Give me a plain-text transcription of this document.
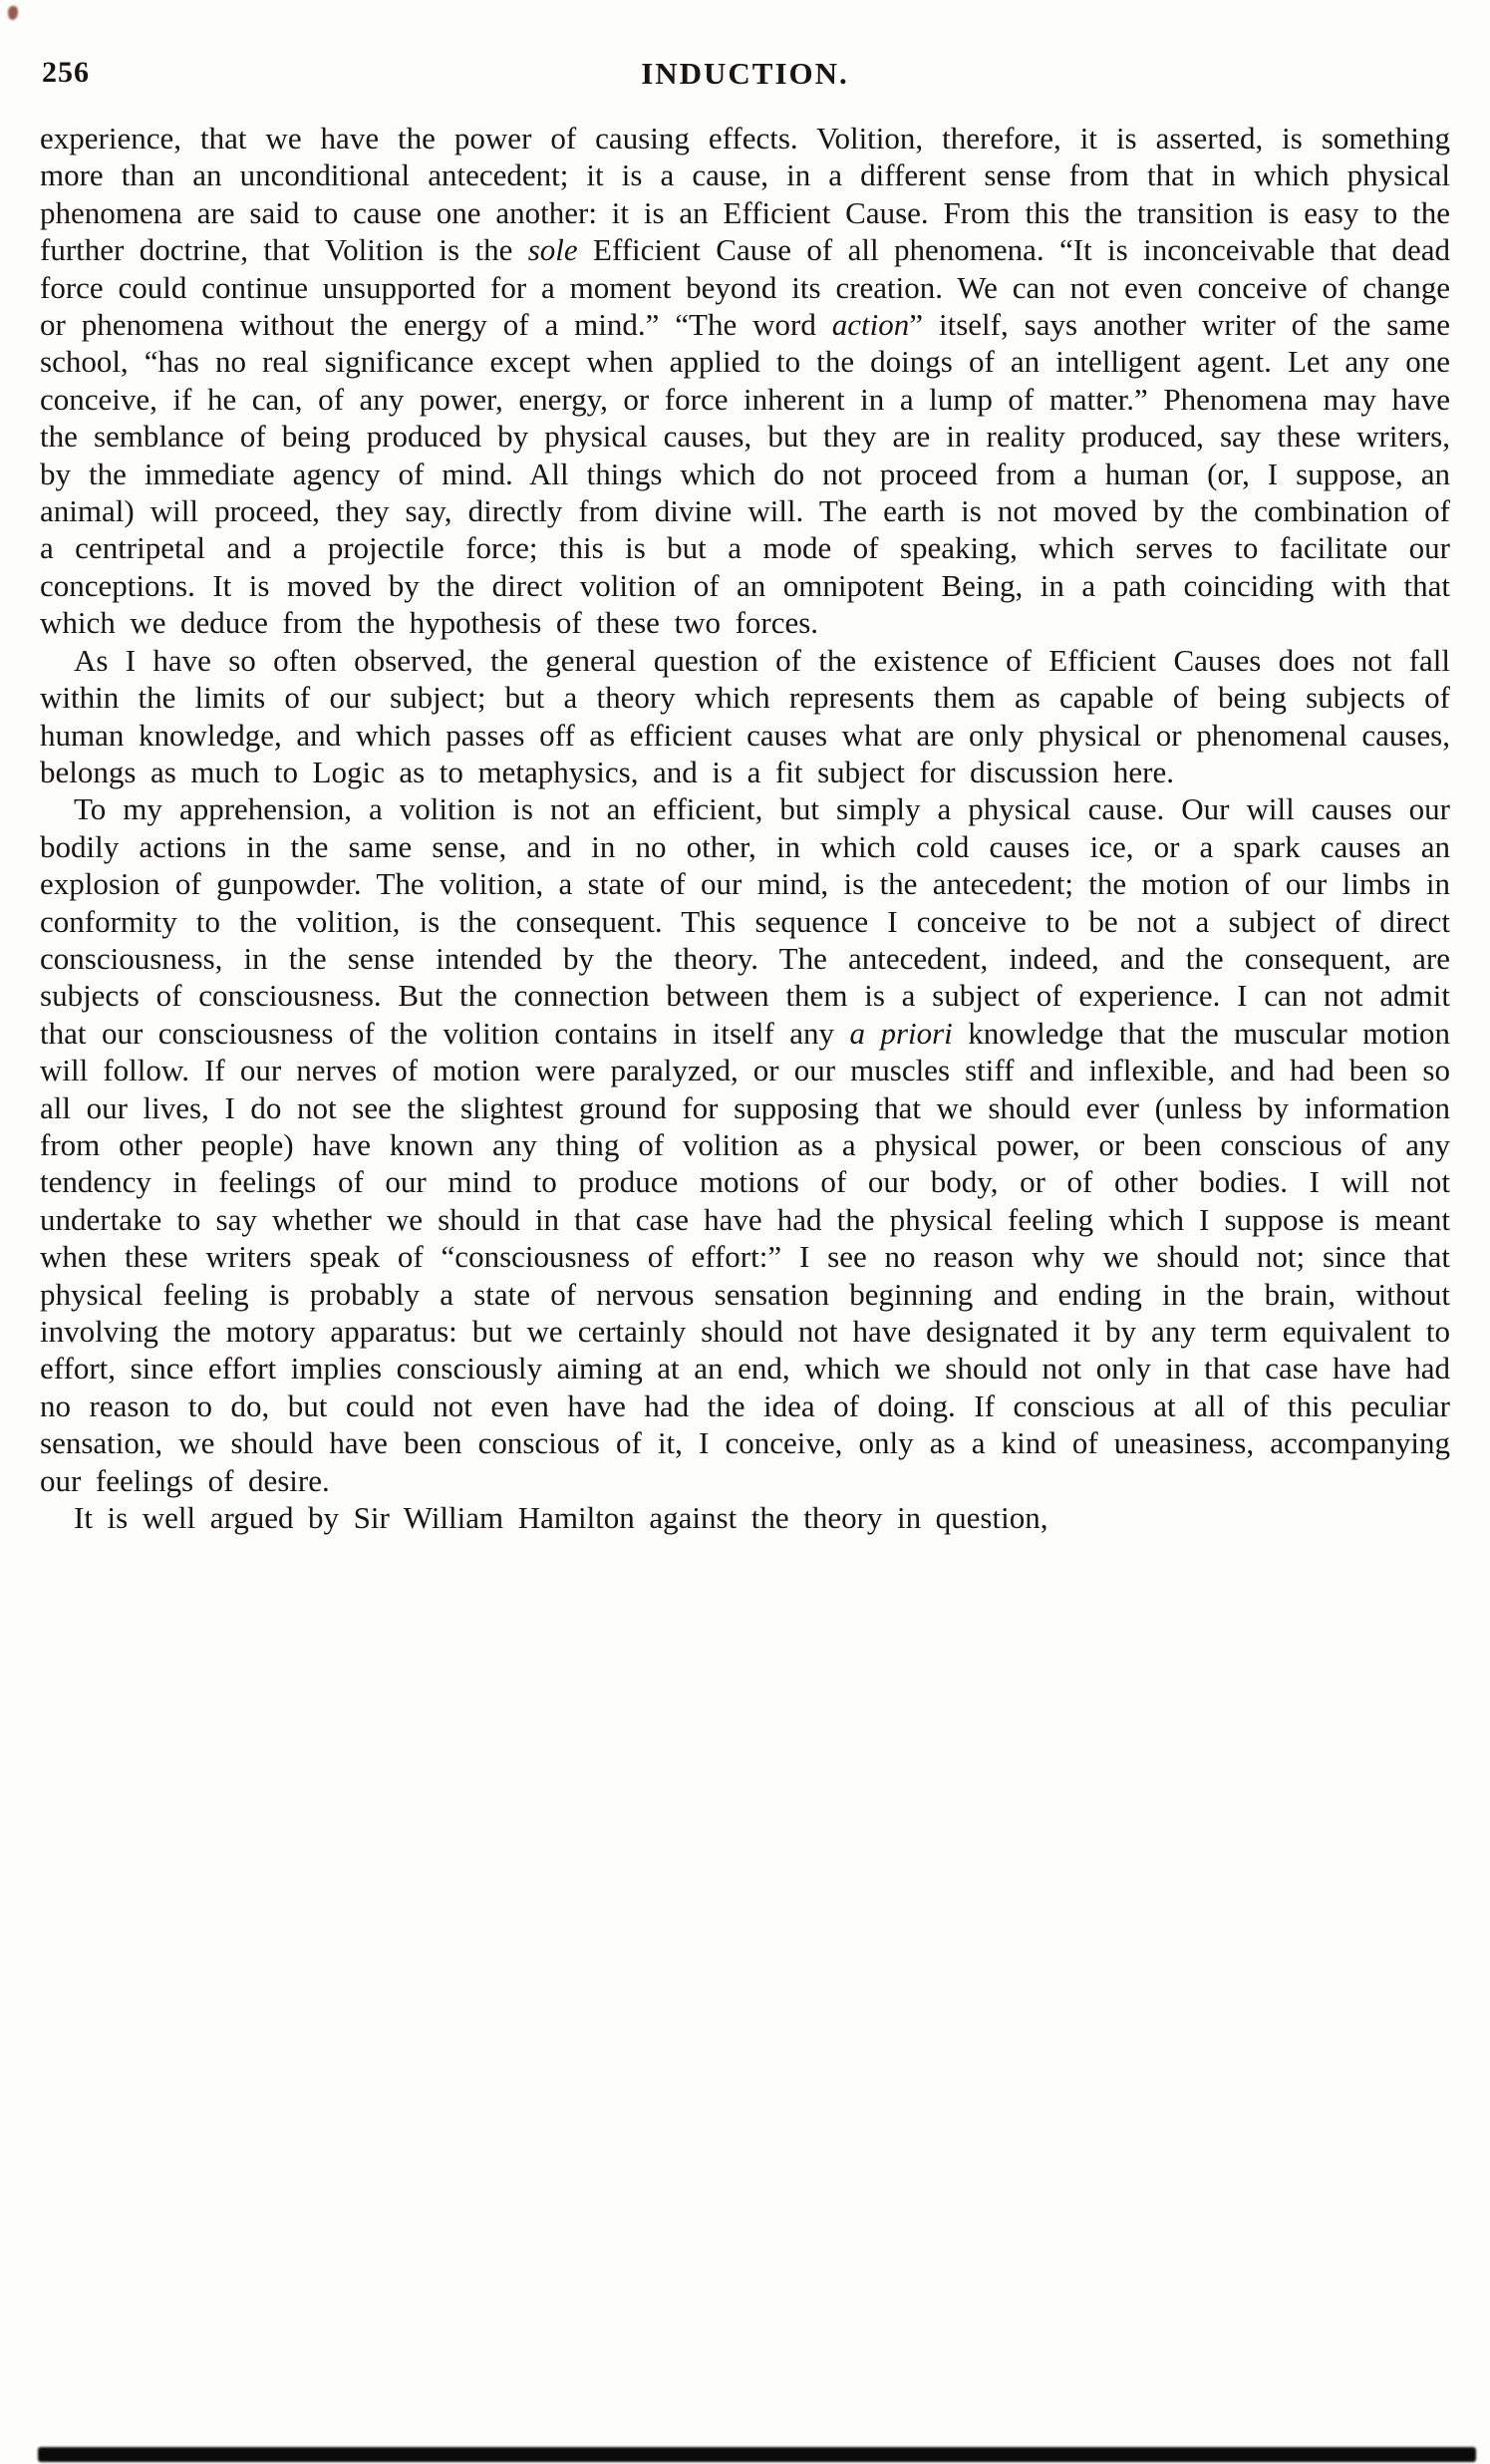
256	INDUCTION.

experience, that we have the power of causing effects. Volition, therefore, it is asserted, is something more than an unconditional antecedent; it is a cause, in a different sense from that in which physical phenomena are said to cause one another: it is an Efficient Cause. From this the transition is easy to the further doctrine, that Volition is the sole Efficient Cause of all phenomena. “It is inconceivable that dead force could continue unsupported for a moment beyond its creation. We can not even conceive of change or phenomena without the energy of a mind.” “The word action” itself, says another writer of the same school, “has no real significance except when applied to the doings of an intelligent agent. Let any one conceive, if he can, of any power, energy, or force inherent in a lump of matter.” Phenomena may have the semblance of being produced by physical causes, but they are in reality produced, say these writers, by the immediate agency of mind. All things which do not proceed from a human (or, I suppose, an animal) will proceed, they say, directly from divine will. The earth is not moved by the combination of a centripetal and a projectile force; this is but a mode of speaking, which serves to facilitate our conceptions. It is moved by the direct volition of an omnipotent Being, in a path coinciding with that which we deduce from the hypothesis of these two forces.

As I have so often observed, the general question of the existence of Efficient Causes does not fall within the limits of our subject; but a theory which represents them as capable of being subjects of human knowledge, and which passes off as efficient causes what are only physical or phenomenal causes, belongs as much to Logic as to metaphysics, and is a fit subject for discussion here.

To my apprehension, a volition is not an efficient, but simply a physical cause. Our will causes our bodily actions in the same sense, and in no other, in which cold causes ice, or a spark causes an explosion of gunpowder. The volition, a state of our mind, is the antecedent; the motion of our limbs in conformity to the volition, is the consequent. This sequence I conceive to be not a subject of direct consciousness, in the sense intended by the theory. The antecedent, indeed, and the consequent, are subjects of consciousness. But the connection between them is a subject of experience. I can not admit that our consciousness of the volition contains in itself any a priori knowledge that the muscular motion will follow. If our nerves of motion were paralyzed, or our muscles stiff and inflexible, and had been so all our lives, I do not see the slightest ground for supposing that we should ever (unless by information from other people) have known any thing of volition as a physical power, or been conscious of any tendency in feelings of our mind to produce motions of our body, or of other bodies. I will not undertake to say whether we should in that case have had the physical feeling which I suppose is meant when these writers speak of “consciousness of effort:” I see no reason why we should not; since that physical feeling is probably a state of nervous sensation beginning and ending in the brain, without involving the motory apparatus: but we certainly should not have designated it by any term equivalent to effort, since effort implies consciously aiming at an end, which we should not only in that case have had no reason to do, but could not even have had the idea of doing. If conscious at all of this peculiar sensation, we should have been conscious of it, I conceive, only as a kind of uneasiness, accompanying our feelings of desire.

It is well argued by Sir William Hamilton against the theory in question,
